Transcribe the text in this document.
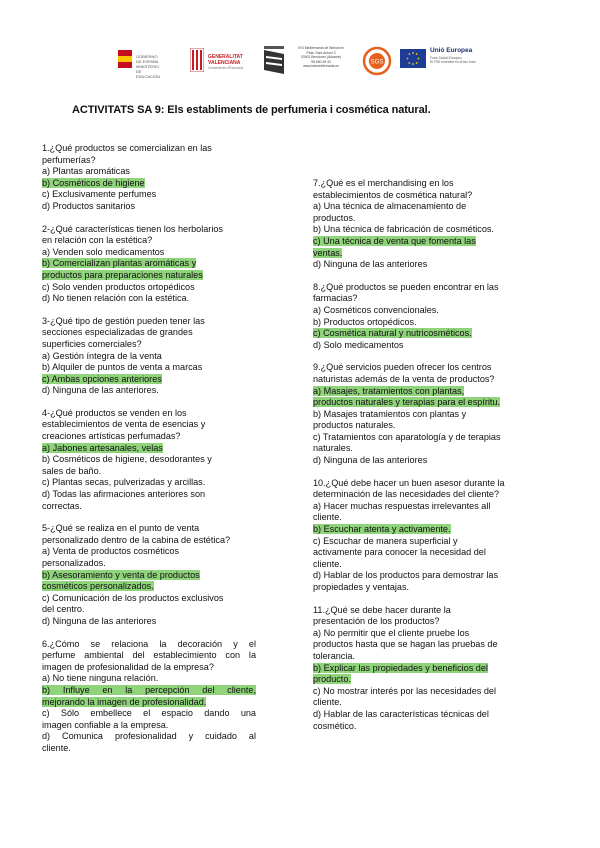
GOBIERNO DE ESPAÑA MINISTERIO DE EDUCACIÓN
GENERALITAT VALENCIANA
Conselleria d'Educació
IES Mediterrània de Benidorm
Ptda. Sant Antoni 3
03501 Benidorm (Alicante)
96 680 45 40
www.iesmediterrania.es
SGS
Unió Europea
Fons Social Europeu
El FSE inverteix en el teu futur
ACTIVITATS SA 9: Els establiments de perfumeria i cosmética natural.
1.¿Qué productos se comercializan en las
perfumerías?
a) Plantas aromáticas
b) Cosméticos de higiene
c) Exclusivamente perfumes
d) Productos sanitarios
2-¿Qué características tienen los herbolarios
en relación con la estética?
a) Venden solo medicamentos
b) Comercializan plantas aromáticas y
productos para preparaciones naturales
c) Solo venden productos ortopédicos
d) No tienen relación con la estética.
3-¿Qué tipo de gestión pueden tener las
secciones especializadas de grandes
superficies comerciales?
a) Gestión íntegra de la venta
b) Alquiler de puntos de venta a marcas
c) Ambas opciones anteriores
d) Ninguna de las anteriores.
4-¿Qué productos se venden en los
establecimientos de venta de esencias y
creaciones artísticas perfumadas?
a) Jabones artesanales, velas
b) Cosméticos de higiene, desodorantes y
sales de baño.
c) Plantas secas, pulverizadas y arcillas.
d) Todas las afirmaciones anteriores son
correctas.
5-¿Qué se realiza en el punto de venta
personalizado dentro de la cabina de estética?
a) Venta de productos cosméticos
personalizados.
b) Asesoramiento y venta de productos
cosméticos personalizados.
c) Comunicación de los productos exclusivos
del centro.
d) Ninguna de las anteriores
6.¿Cómo se relaciona la decoración y el
perfume ambiental del establecimiento con la
imagen de profesionalidad de la empresa?
a) No tiene ninguna relación.
b) Influye en la percepción del cliente,
mejorando la imagen de profesionalidad.
c) Sólo embellece el espacio dando una
imagen confiable a la empresa.
d) Comunica profesionalidad y cuidado al
cliente.
7.¿Qué es el merchandising en los
establecimientos de cosmética natural?
a) Una técnica de almacenamiento de
productos.
b) Una técnica de fabricación de cosméticos.
c) Una técnica de venta que fomenta las
ventas.
d) Ninguna de las anteriores
8.¿Qué productos se pueden encontrar en las
farmacias?
a) Cosméticos convencionales.
b) Productos ortopédicos.
c) Cosmética natural y nutricosméticos.
d) Solo medicamentos
9.¿Qué servicios pueden ofrecer los centros
naturistas además de la venta de productos?
a) Masajes, tratamientos con plantas,
productos naturales y terapias para el espíritu.
b) Masajes tratamientos con plantas y
productos naturales.
c) Tratamientos con aparatología y de terapias
naturales.
d) Ninguna de las anteriores
10.¿Qué debe hacer un buen asesor durante la
determinación de las necesidades del cliente?
a) Hacer muchas respuestas irrelevantes all
cliente.
b) Escuchar atenta y activamente.
c) Escuchar de manera superficial y
activamente para conocer la necesidad del
cliente.
d) Hablar de los productos para demostrar las
propiedades y ventajas.
11.¿Qué se debe hacer durante la
presentación de los productos?
a) No permitir que el cliente pruebe los
productos hasta que se hagan las pruebas de
tolerancia.
b) Explicar las propiedades y beneficios del
producto.
c) No mostrar interés por las necesidades del
cliente.
d) Hablar de las características técnicas del
cosmético.
